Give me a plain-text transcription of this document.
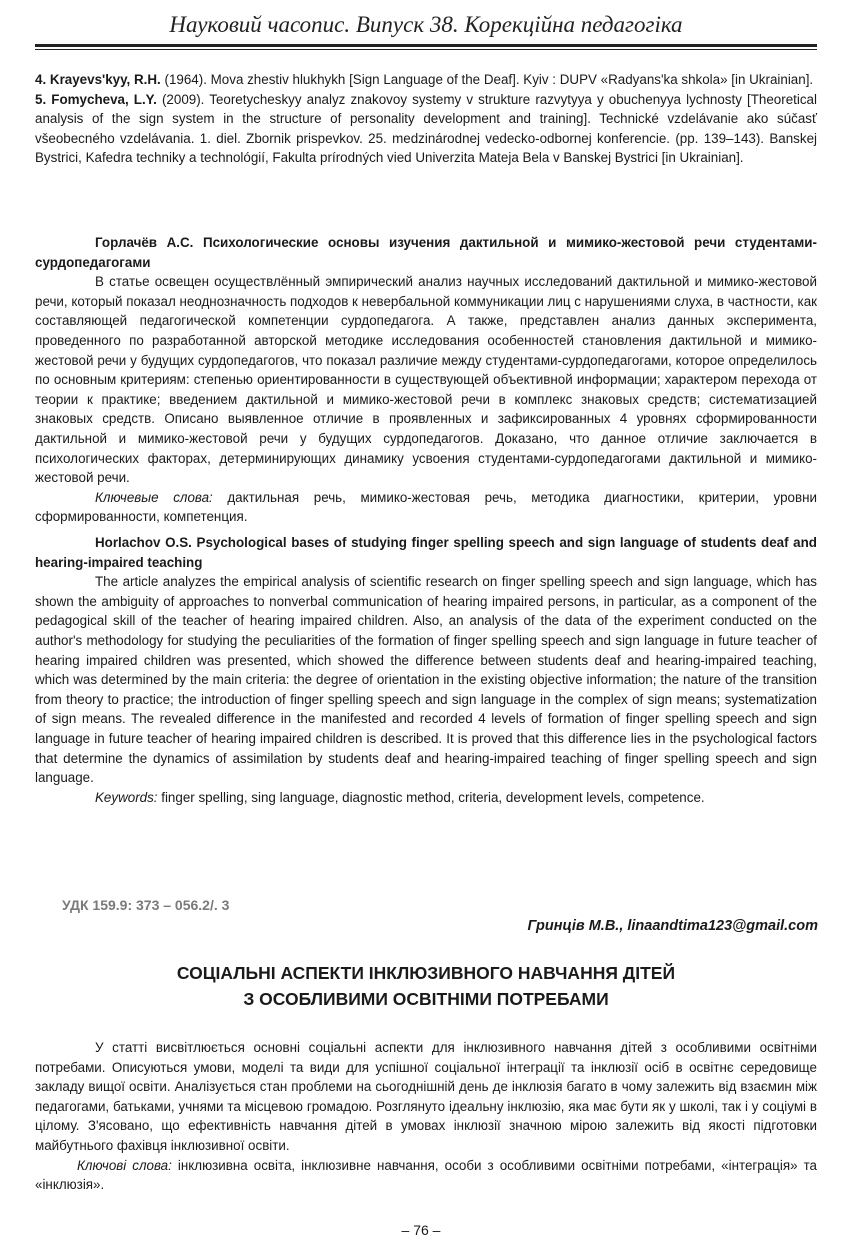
Науковий часопис. Випуск 38. Корекційна педагогіка

4. Krayevs'kyy, R.H. (1964). Mova zhestiv hlukhykh [Sign Language of the Deaf]. Kyiv : DUPV «Radyans'ka shkola» [in Ukrainian].

5. Fomycheva, L.Y. (2009). Teoretycheskyy analyz znakovoy systemy v strukture razvytyya y obuchenyya lychnosty [Theoretical analysis of the sign system in the structure of personality development and training]. Technické vzdelávanie ako súčasť všeobecného vzdelávania. 1. diel. Zbornik prispevkov. 25. medzinárodnej vedecko-odbornej konferencie. (pp. 139–143). Banskej Bystrici, Kafedra techniky a technológií, Fakulta prírodných vied Univerzita Mateja Bela v Banskej Bystrici [in Ukrainian].

Горлачёв А.С. Психологические основы изучения дактильной и мимико-жестовой речи студентами-сурдопедагогами

В статье освещен осуществлённый эмпирический анализ научных исследований дактильной и мимико-жестовой речи, который показал неоднозначность подходов к невербальной коммуникации лиц с нарушениями слуха, в частности, как составляющей педагогической компетенции сурдопедагога. А также, представлен анализ данных эксперимента, проведенного по разработанной авторской методике исследования особенностей становления дактильной и мимико-жестовой речи у будущих сурдопедагогов, что показал различие между студентами-сурдопедагогами, которое определилось по основным критериям: степенью ориентированности в существующей объективной информации; характером перехода от теории к практике; введением дактильной и мимико-жестовой речи в комплекс знаковых средств; систематизацией знаковых средств. Описано выявленное отличие в проявленных и зафиксированных 4 уровнях сформированности дактильной и мимико-жестовой речи у будущих сурдопедагогов. Доказано, что данное отличие заключается в психологических факторах, детерминирующих динамику усвоения студентами-сурдопедагогами дактильной и мимико-жестовой речи.

Ключевые слова: дактильная речь, мимико-жестовая речь, методика диагностики, критерии, уровни сформированности, компетенция.

Horlachov O.S. Psychological bases of studying finger spelling speech and sign language of students deaf and hearing-impaired teaching

The article analyzes the empirical analysis of scientific research on finger spelling speech and sign language, which has shown the ambiguity of approaches to nonverbal communication of hearing impaired persons, in particular, as a component of the pedagogical skill of the teacher of hearing impaired children. Also, an analysis of the data of the experiment conducted on the author's methodology for studying the peculiarities of the formation of finger spelling speech and sign language in future teacher of hearing impaired children was presented, which showed the difference between students deaf and hearing-impaired teaching, which was determined by the main criteria: the degree of orientation in the existing objective information; the nature of the transition from theory to practice; the introduction of finger spelling speech and sign language in the complex of sign means; systematization of sign means. The revealed difference in the manifested and recorded 4 levels of formation of finger spelling speech and sign language in future teacher of hearing impaired children is described. It is proved that this difference lies in the psychological factors that determine the dynamics of assimilation by students deaf and hearing-impaired teaching of finger spelling speech and sign language.

Keywords: finger spelling, sing language, diagnostic method, criteria, development levels, competence.

УДК 159.9: 373 – 056.2/. 3
Гринців М.В., linaandtima123@gmail.com
СОЦІАЛЬНІ АСПЕКТИ ІНКЛЮЗИВНОГО НАВЧАННЯ ДІТЕЙ
З ОСОБЛИВИМИ ОСВІТНІМИ ПОТРЕБАМИ

У статті висвітлюється основні соціальні аспекти для інклюзивного навчання дітей з особливими освітніми потребами. Описуються умови, моделі та види для успішної соціальної інтеграції та інклюзії осіб в освітнє середовище закладу вищої освіти. Аналізується стан проблеми на сьогоднішній день де інклюзія багато в чому залежить від взаємин між педагогами, батьками, учнями та місцевою громадою. Розглянуто ідеальну інклюзію, яка має бути як у школі, так і у соціумі в цілому. З'ясовано, що ефективність навчання дітей в умовах інклюзії значною мірою залежить від якості підготовки майбутнього фахівця інклюзивної освіти.

Ключові слова: інклюзивна освіта, інклюзивне навчання, особи з особливими освітніми потребами, «інтеграція» та «інклюзія».

– 76 –
